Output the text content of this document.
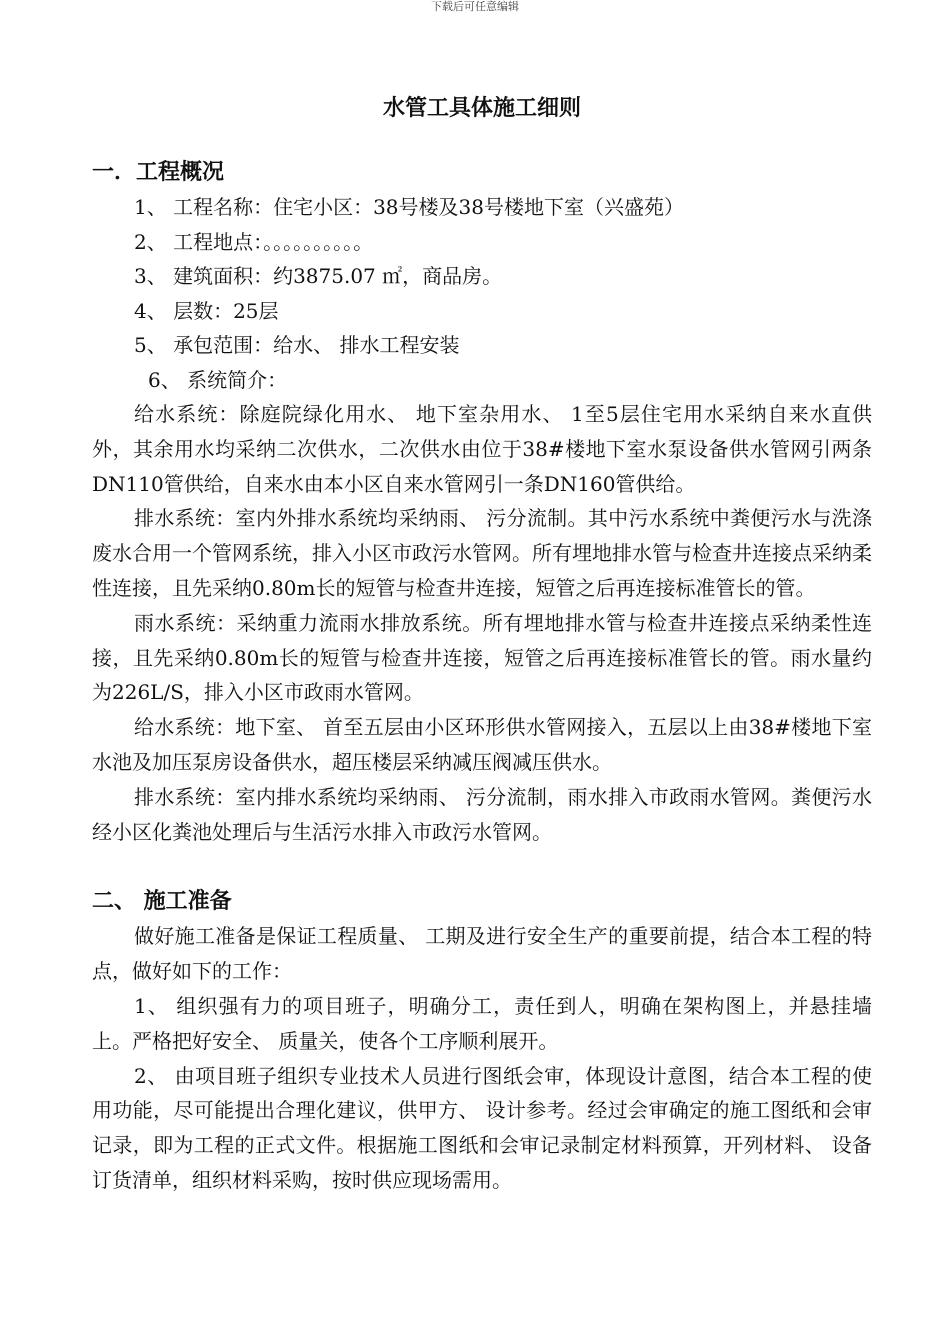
下载后可任意编辑
水管工具体施工细则
一．工程概况

1、 工程名称：住宅小区：38号楼及38号楼地下室（兴盛苑）

2、 工程地点：。。。。。。。。。。

3、 建筑面积：约3875.07 ㎡，商品房。

4、 层数：25层

5、 承包范围：给水、 排水工程安装

6、 系统简介：

给水系统：除庭院绿化用水、 地下室杂用水、 1至5层住宅用水采纳自来水直供外，其余用水均采纳二次供水，二次供水由位于38#楼地下室水泵设备供水管网引两条DN110管供给，自来水由本小区自来水管网引一条DN160管供给。

排水系统：室内外排水系统均采纳雨、 污分流制。其中污水系统中粪便污水与洗涤废水合用一个管网系统，排入小区市政污水管网。所有埋地排水管与检查井连接点采纳柔性连接，且先采纳0.80m长的短管与检查井连接，短管之后再连接标准管长的管。

雨水系统：采纳重力流雨水排放系统。所有埋地排水管与检查井连接点采纳柔性连接，且先采纳0.80m长的短管与检查井连接，短管之后再连接标准管长的管。雨水量约为226L/S，排入小区市政雨水管网。

给水系统：地下室、 首至五层由小区环形供水管网接入，五层以上由38#楼地下室水池及加压泵房设备供水，超压楼层采纳减压阀减压供水。

排水系统：室内排水系统均采纳雨、 污分流制，雨水排入市政雨水管网。粪便污水经小区化粪池处理后与生活污水排入市政污水管网。

二、 施工准备

做好施工准备是保证工程质量、 工期及进行安全生产的重要前提，结合本工程的特点，做好如下的工作：

1、 组织强有力的项目班子，明确分工，责任到人，明确在架构图上，并悬挂墙上。严格把好安全、 质量关，使各个工序顺利展开。

2、 由项目班子组织专业技术人员进行图纸会审，体现设计意图，结合本工程的使用功能，尽可能提出合理化建议，供甲方、 设计参考。经过会审确定的施工图纸和会审记录，即为工程的正式文件。根据施工图纸和会审记录制定材料预算，开列材料、 设备订货清单，组织材料采购，按时供应现场需用。
